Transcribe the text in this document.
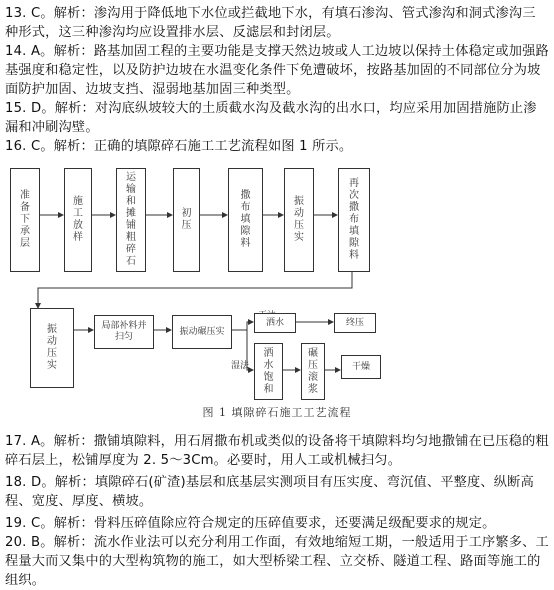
13. C。解析：渗沟用于降低地下水位或拦截地下水，有填石渗沟、管式渗沟和洞式渗沟三种形式，这三种渗沟均应设置排水层、反滤层和封闭层。
14. A。解析：路基加固工程的主要功能是支撑天然边坡或人工边坡以保持土体稳定或加强路基强度和稳定性，以及防护边坡在水温变化条件下免遭破坏，按路基加固的不同部位分为坡面防护加固、边坡支挡、湿弱地基加固三种类型。
15. D。解析：对沟底纵坡较大的土质截水沟及截水沟的出水口，均应采用加固措施防止渗漏和冲刷沟壁。
16. C。解析：正确的填隙碎石施工工艺流程如图 1 所示。
准备下承层
施工放样
运输和摊铺粗碎石
初压
撒布填隙料
振动压实
再次撒布填隙料
振动压实
局部补料并扫匀
振动碾压实
洒水	终压
湿法
洒水饱和
碾压滚浆
干燥
图 1 填隙碎石施工工艺流程
17. A。解析：撒铺填隙料，用石屑撒布机或类似的设备将干填隙料均匀地撒铺在已压稳的粗碎石层上，松铺厚度为 2. 5～3Cm。必要时，用人工或机械扫匀。
18. D。解析：填隙碎石(矿渣)基层和底基层实测项目有压实度、弯沉值、平整度、纵断高程、宽度、厚度、横坡。
19. C。解析：骨料压碎值除应符合规定的压碎值要求，还要满足级配要求的规定。
20. B。解析：流水作业法可以充分利用工作面，有效地缩短工期，一般适用于工序繁多、工程量大而又集中的大型构筑物的施工，如大型桥梁工程、立交桥、隧道工程、路面等施工的组织。
